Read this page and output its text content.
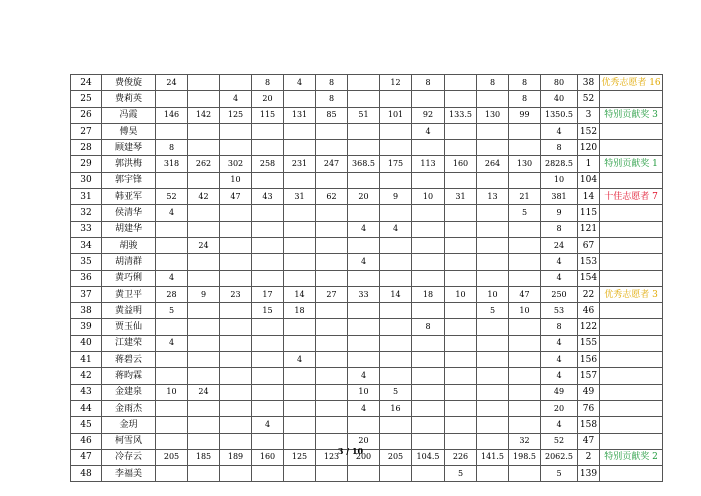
24	费俊旋	24			8	4	8		12	8		8	8	80	38	优秀志愿者 16
25	费莉英			4	20		8						8	40	52	
26	冯霞	146	142	125	115	131	85	51	101	92	133.5	130	99	1350.5	3	特别贡献奖 3
27	傅昊									4				4	152	
28	顾建琴	8												8	120	
29	郭洪梅	318	262	302	258	231	247	368.5	175	113	160	264	130	2828.5	1	特别贡献奖 1
30	郭宇锋			10										10	104	
31	韩亚军	52	42	47	43	31	62	20	9	10	31	13	21	381	14	十佳志愿者 7
32	侯清华	4											5	9	115	
33	胡建华							4	4					8	121	
34	胡骏		24											24	67	
35	胡清群							4						4	153	
36	黄巧俐	4												4	154	
37	黄卫平	28	9	23	17	14	27	33	14	18	10	10	47	250	22	优秀志愿者 3
38	黄益明	5			15	18						5	10	53	46	
39	贾玉仙									8				8	122	
40	江建荣	4												4	155	
41	蒋碧云					4								4	156	
42	蒋昀霖							4						4	157	
43	金建泉	10	24					10	5					49	49	
44	金雨杰							4	16					20	76	
45	金玥				4									4	158	
46	柯雪风							20					32	52	47	
47	冷存云	205	185	189	160	125	123	200	205	104.5	226	141.5	198.5	2062.5	2	特别贡献奖 2
48	李福美										5			5	139	
3 / 10
